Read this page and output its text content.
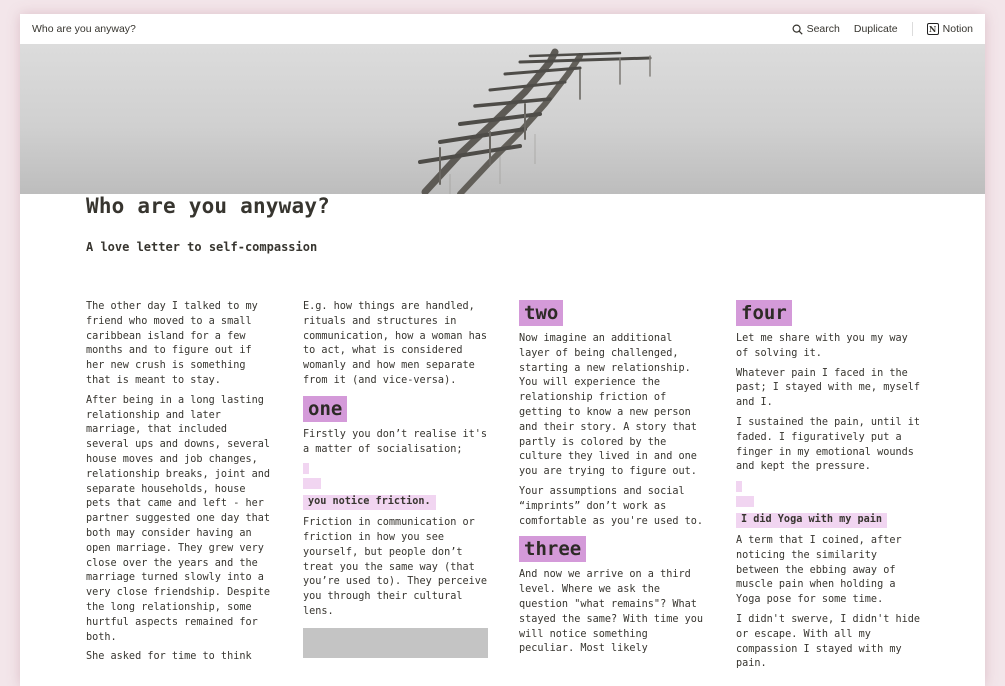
Who are you anyway?	Search Duplicate	N Notion
Who are you anyway?
A love letter to self-compassion

The other day I talked to my friend who moved to a small caribbean island for a few months and to figure out if her new crush is something that is meant to stay.

After being in a long lasting relationship and later marriage, that included several ups and downs, several house moves and job changes, relationship breaks, joint and separate households, house pets that came and left - her partner suggested one day that both may consider having an open marriage. They grew very close over the years and the marriage turned slowly into a very close friendship. Despite the long relationship, some hurtful aspects remained for both.

She asked for time to think

E.g. how things are handled, rituals and structures in communication, how a woman has to act, what is considered womanly and how men separate from it (and vice-versa).

one

Firstly you don’t realise it's a matter of socialisation;

you notice friction.

Friction in communication or friction in how you see yourself, but people don’t treat you the same way (that you’re used to). They perceive you through their cultural lens.

two

Now imagine an additional layer of being challenged, starting a new relationship. You will experience the relationship friction of getting to know a new person and their story. A story that partly is colored by the culture they lived in and one you are trying to figure out.

Your assumptions and social “imprints” don’t work as comfortable as you're used to.

three

And now we arrive on a third level. Where we ask the question "what remains"? What stayed the same? With time you will notice something peculiar. Most likely

four

Let me share with you my way of solving it.

Whatever pain I faced in the past; I stayed with me, myself and I.

I sustained the pain, until it faded. I figuratively put a finger in my emotional wounds and kept the pressure.

I did Yoga with my pain

A term that I coined, after noticing the similarity between the ebbing away of muscle pain when holding a Yoga pose for some time.

I didn't swerve, I didn't hide or escape. With all my compassion I stayed with my pain.
